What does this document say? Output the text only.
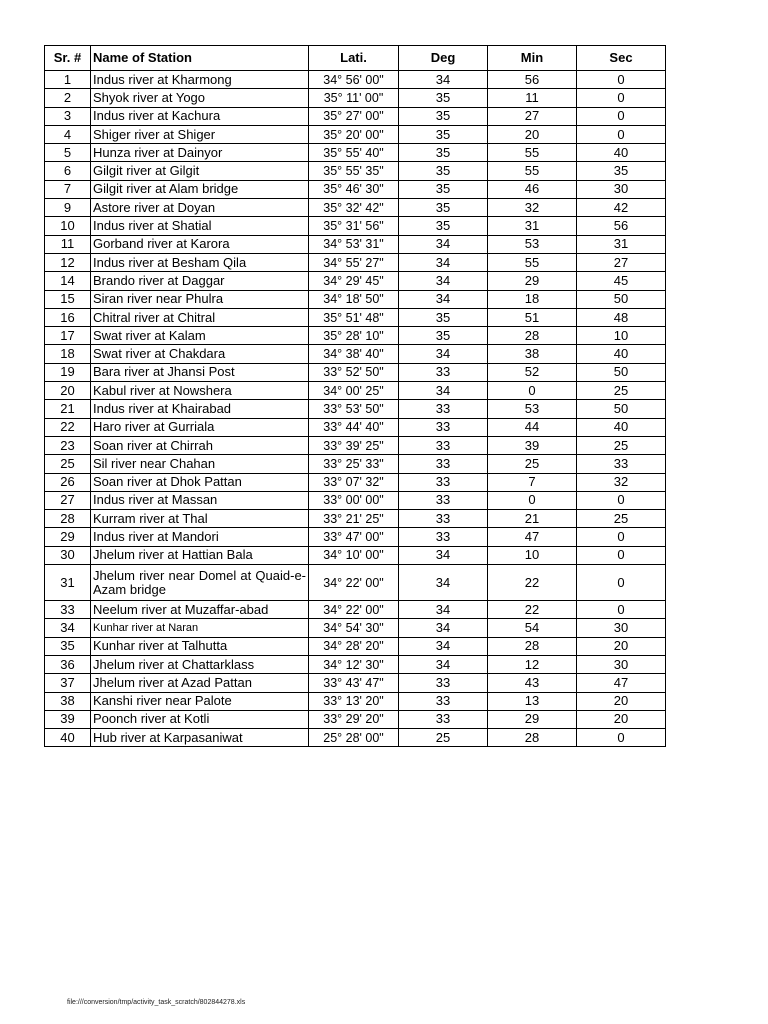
Sr. #	Name of Station	Lati.	Deg	Min	Sec
1	Indus river at Kharmong	34° 56' 00"	34	56	0
2	Shyok river at Yogo	35° 11' 00"	35	11	0
3	Indus river at Kachura	35° 27' 00"	35	27	0
4	Shiger river at Shiger	35° 20' 00"	35	20	0
5	Hunza river at Dainyor	35° 55' 40"	35	55	40
6	Gilgit river at Gilgit	35° 55' 35"	35	55	35
7	Gilgit river at Alam bridge	35° 46' 30"	35	46	30
9	Astore river at Doyan	35° 32' 42"	35	32	42
10	Indus river at Shatial	35° 31' 56"	35	31	56
11	Gorband river at Karora	34° 53' 31"	34	53	31
12	Indus river at Besham Qila	34° 55' 27"	34	55	27
14	Brando river at Daggar	34° 29' 45"	34	29	45
15	Siran river near Phulra	34° 18' 50"	34	18	50
16	Chitral river at Chitral	35° 51' 48"	35	51	48
17	Swat river at Kalam	35° 28' 10"	35	28	10
18	Swat river at Chakdara	34° 38' 40"	34	38	40
19	Bara river at Jhansi Post	33° 52' 50"	33	52	50
20	Kabul river at Nowshera	34° 00' 25"	34	0	25
21	Indus river at Khairabad	33° 53' 50"	33	53	50
22	Haro river at Gurriala	33° 44' 40"	33	44	40
23	Soan river at Chirrah	33° 39' 25"	33	39	25
25	Sil river near Chahan	33° 25' 33"	33	25	33
26	Soan river at Dhok Pattan	33° 07' 32"	33	7	32
27	Indus river at Massan	33° 00' 00"	33	0	0
28	Kurram river at Thal	33° 21' 25"	33	21	25
29	Indus river at Mandori	33° 47' 00"	33	47	0
30	Jhelum river at Hattian Bala	34° 10' 00"	34	10	0
31	Jhelum river near Domel at Quaid-e-Azam bridge	34° 22' 00"	34	22	0
33	Neelum river at Muzaffar-abad	34° 22' 00"	34	22	0
34	Kunhar river at Naran	34° 54' 30"	34	54	30
35	Kunhar river at Talhutta	34° 28' 20"	34	28	20
36	Jhelum river at Chattarklass	34° 12' 30"	34	12	30
37	Jhelum river at Azad Pattan	33° 43' 47"	33	43	47
38	Kanshi river near Palote	33° 13' 20"	33	13	20
39	Poonch river at Kotli	33° 29' 20"	33	29	20
40	Hub river at Karpasaniwat	25° 28' 00"	25	28	0
file:///conversion/tmp/activity_task_scratch/802844278.xls
